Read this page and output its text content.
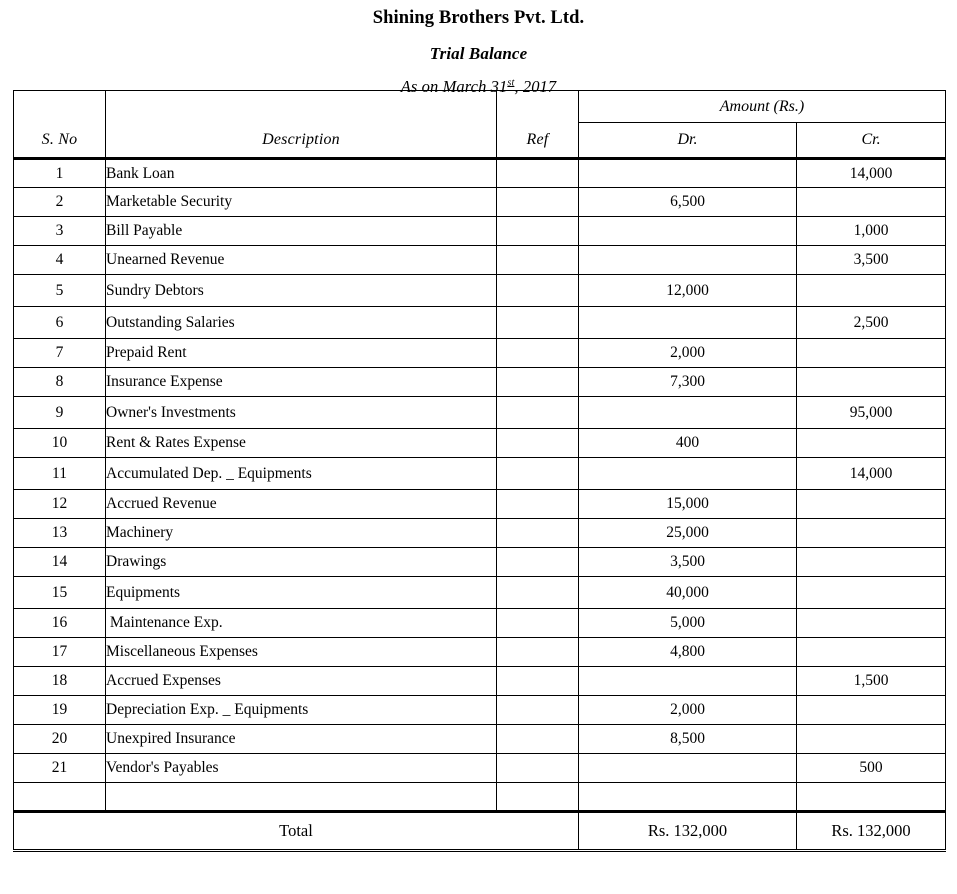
Shining Brothers Pvt. Ltd.
Trial Balance
As on March 31st, 2017
			Amount (Rs.)	
S. No	Description	Ref	Dr.	Cr.
1	Bank Loan			14,000
2	Marketable Security		6,500	
3	Bill Payable			1,000
4	Unearned Revenue			3,500
5	Sundry Debtors		12,000	
6	Outstanding Salaries			2,500
7	Prepaid Rent		2,000	
8	Insurance Expense		7,300	
9	Owner's Investments			95,000
10	Rent & Rates Expense		400	
11	Accumulated Dep. _ Equipments			14,000
12	Accrued Revenue		15,000	
13	Machinery		25,000	
14	Drawings		3,500	
15	Equipments		40,000	
16	Maintenance Exp.		5,000	
17	Miscellaneous Expenses		4,800	
18	Accrued Expenses			1,500
19	Depreciation Exp. _ Equipments		2,000	
20	Unexpired Insurance		8,500	
21	Vendor's Payables			500

Total			Rs. 132,000	Rs. 132,000
